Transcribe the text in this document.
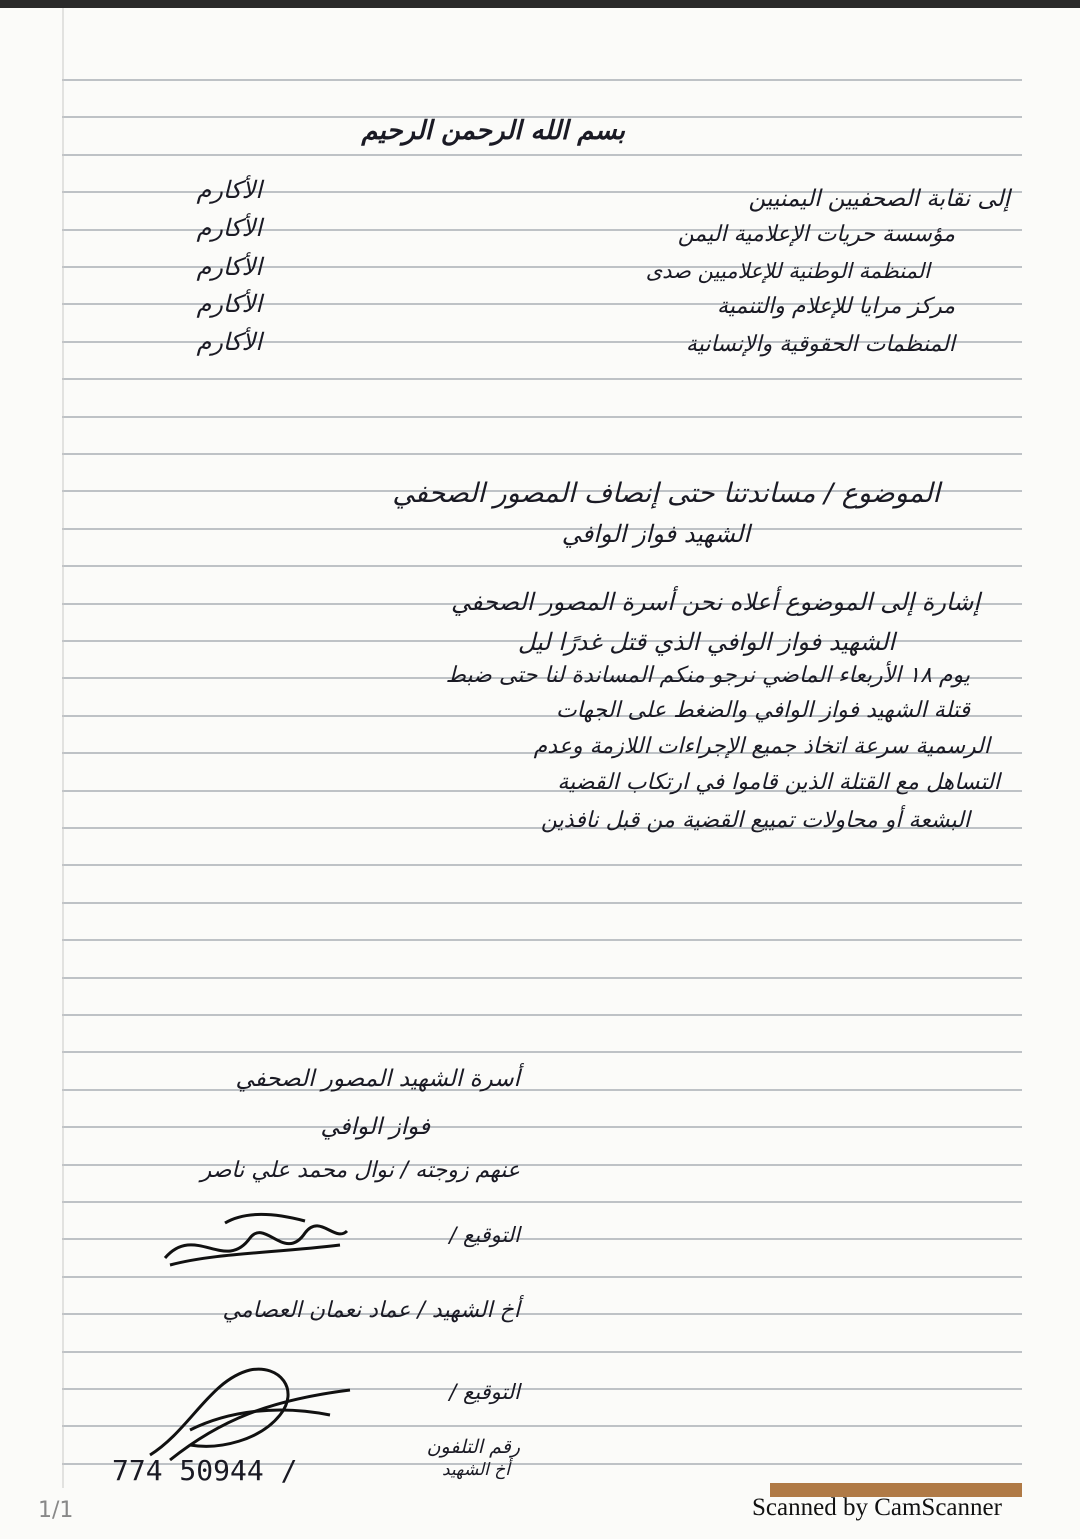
بسم الله الرحمن الرحيم
إلى نقابة الصحفيين اليمنيين
الأكارم
مؤسسة حريات الإعلامية اليمن
الأكارم
المنظمة الوطنية للإعلاميين صدى
الأكارم
مركز مرايا للإعلام والتنمية
الأكارم
المنظمات الحقوقية والإنسانية
الأكارم
الموضوع / مساندتنا حتى إنصاف المصور الصحفي
الشهيد فواز الوافي
إشارة إلى الموضوع أعلاه نحن أسرة المصور الصحفي
الشهيد فواز الوافي الذي قتل غدرًا ليل
يوم ١٨ الأربعاء الماضي نرجو منكم المساندة لنا حتى ضبط
قتلة الشهيد فواز الوافي والضغط على الجهات
الرسمية سرعة اتخاذ جميع الإجراءات اللازمة وعدم
التساهل مع القتلة الذين قاموا في ارتكاب القضية
البشعة أو محاولات تمييع القضية من قبل نافذين
أسرة الشهيد المصور الصحفي
فواز الوافي
عنهم زوجته / نوال محمد علي ناصر
التوقيع /
أخ الشهيد / عماد نعمان العصامي
التوقيع /
رقم التلفون
أخ الشهيد
774 50944 /
1/1	Scanned by CamScanner
